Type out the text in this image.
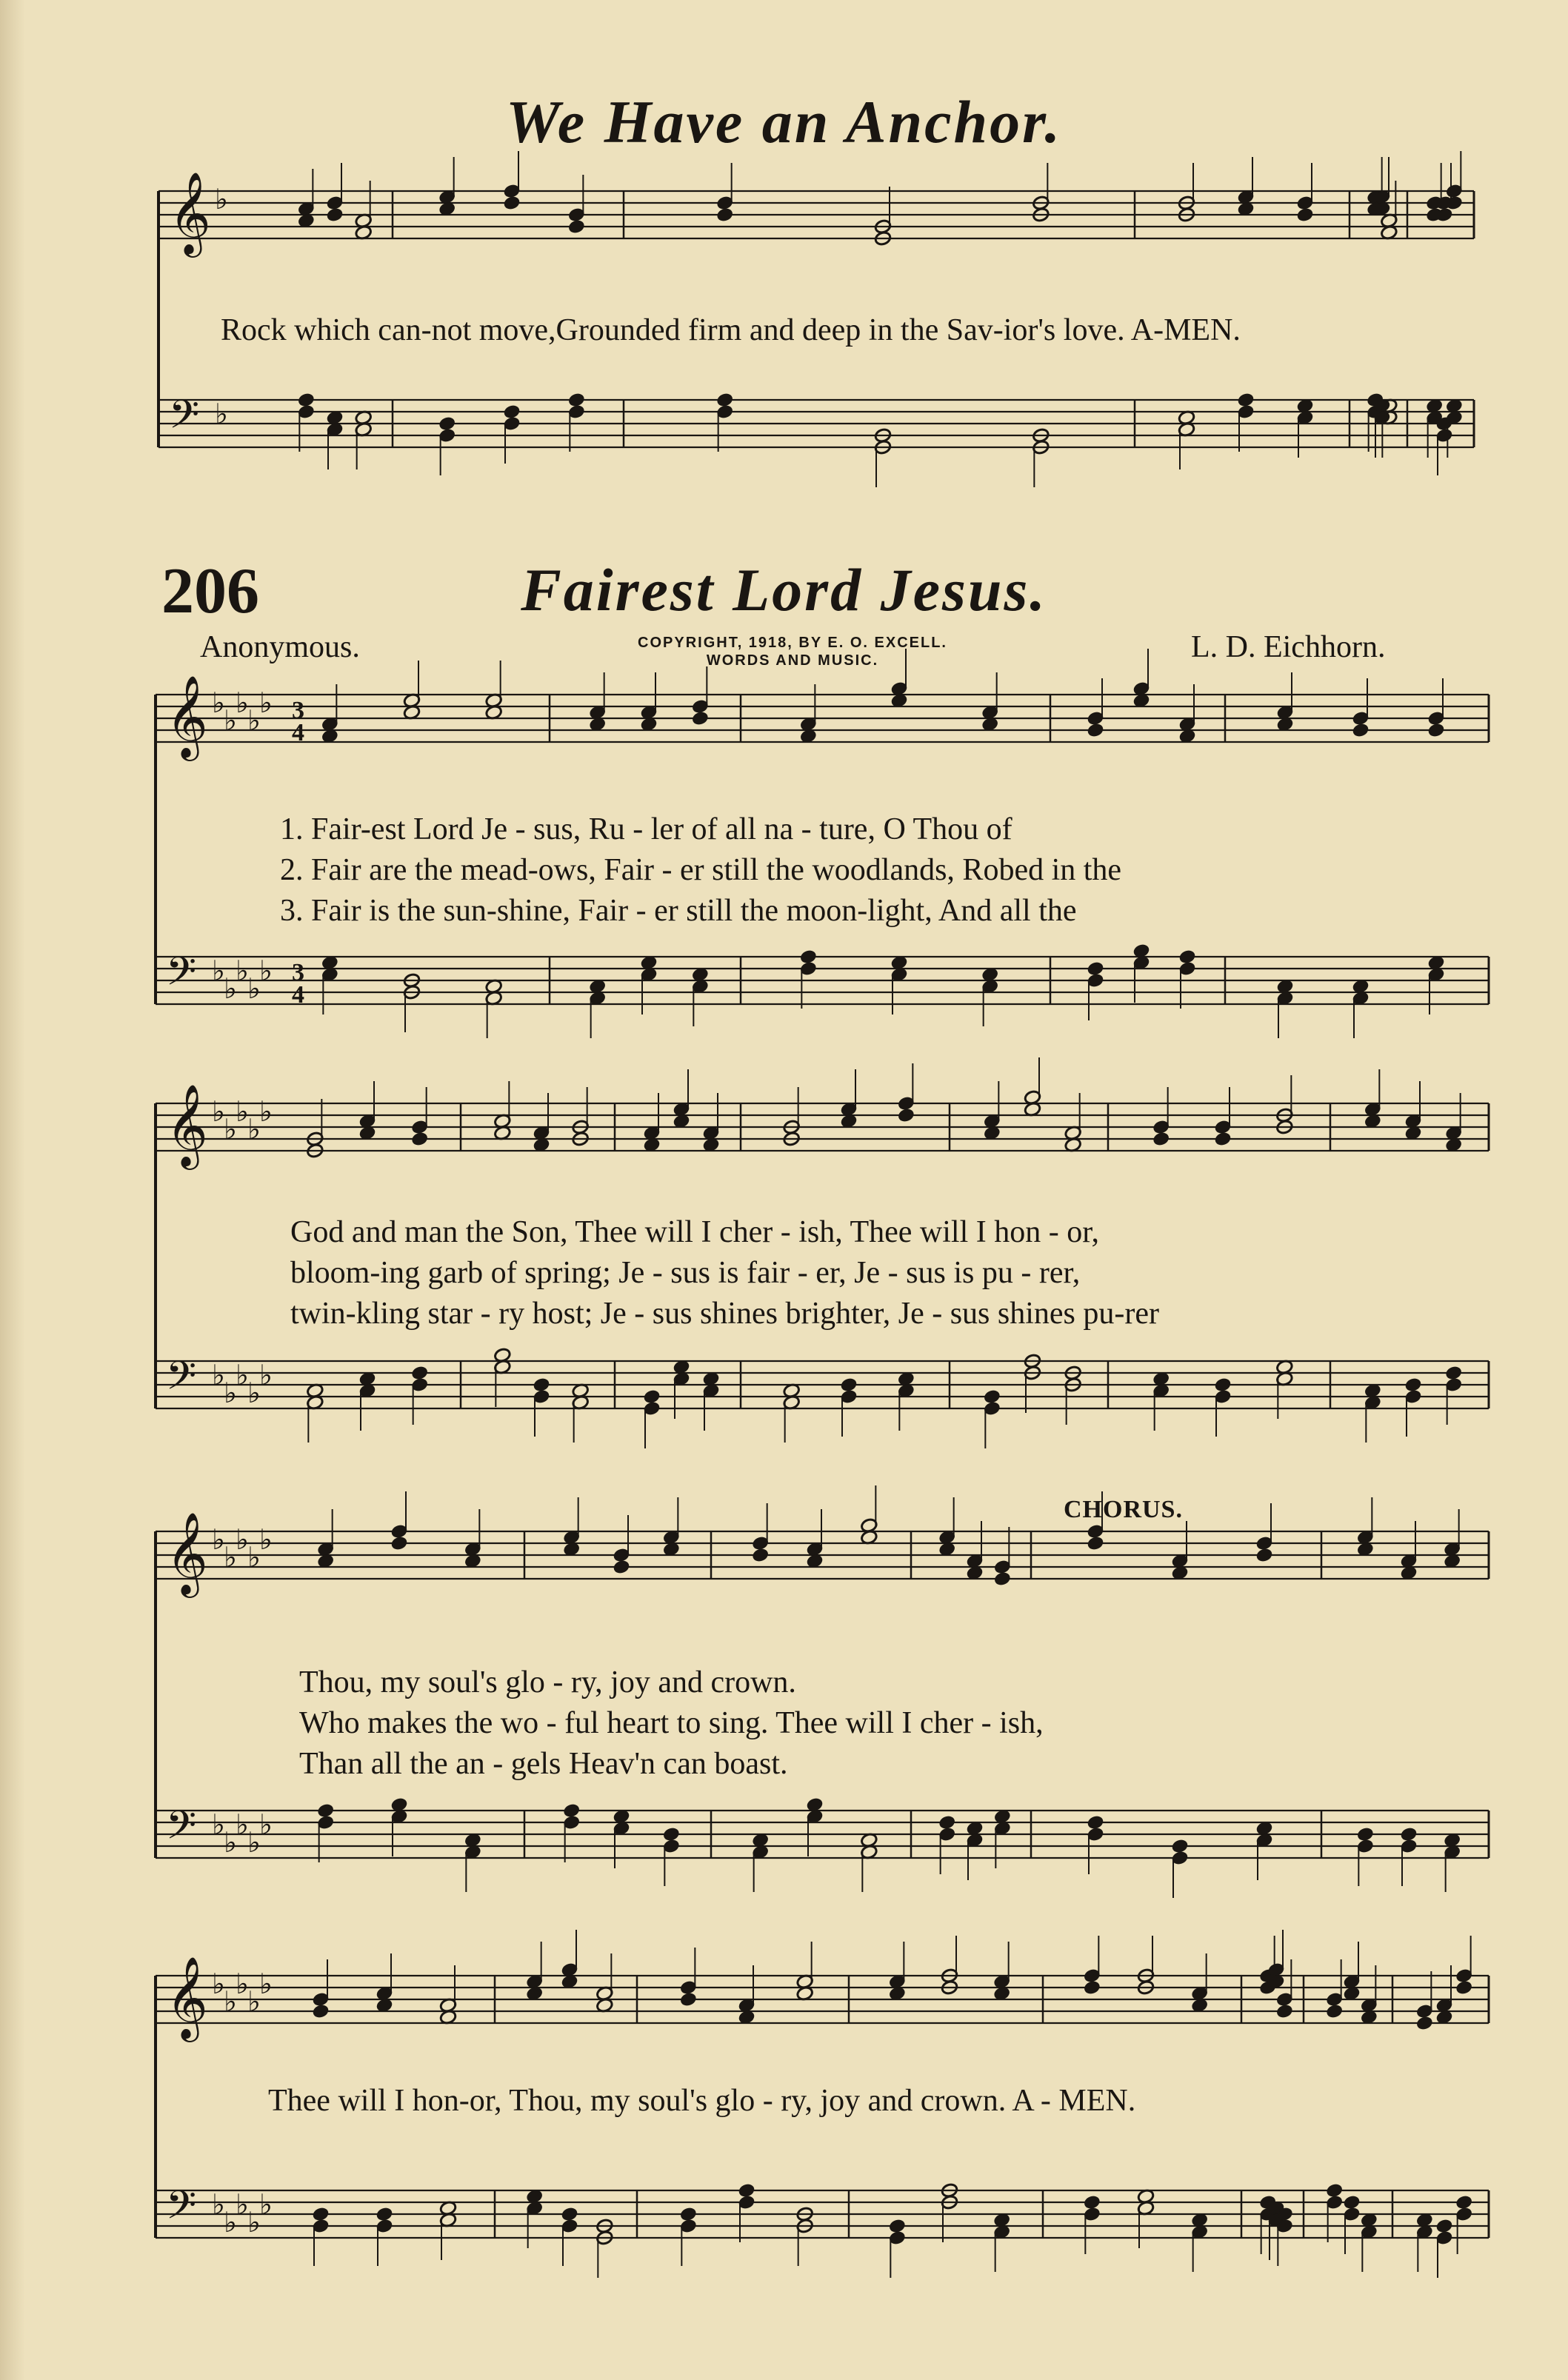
We Have an Anchor.
Rock which can-not move,Grounded firm and deep in the Sav-ior's love. A-MEN.
206	Fairest Lord Jesus.
Anonymous.	L. D. Eichhorn.
COPYRIGHT, 1918, BY E. O. EXCELL.
WORDS AND MUSIC.
1. Fair-est Lord Je - sus, Ru - ler of all na - ture, O Thou of
2. Fair are the mead-ows, Fair - er still the woodlands, Robed in the
3. Fair is the sun-shine, Fair - er still the moon-light, And all the
God and man the Son, Thee will I cher - ish, Thee will I hon - or,
bloom-ing garb of spring; Je - sus is fair - er, Je - sus is pu - rer,
twin-kling star - ry host; Je - sus shines brighter, Je - sus shines pu-rer
CHORUS.
Thou, my soul's glo - ry, joy and crown.
Who makes the wo - ful heart to sing. Thee will I cher - ish,
Than all the an - gels Heav'n can boast.
Thee will I hon-or, Thou, my soul's glo - ry, joy and crown. A - MEN.
𝄞
𝄢
♭
♭
𝄞
𝄢
♭
♭
♭
♭
♭
♭
♭
♭
♭
♭
𝄞
𝄢
♭
♭
♭
♭
♭
♭
♭
♭
♭
♭
𝄞
𝄢
♭
♭
♭
♭
♭
♭
♭
♭
♭
♭
𝄞
𝄢
♭
♭
♭
♭
♭
♭
♭
♭
♭
♭
3
4
3
4
